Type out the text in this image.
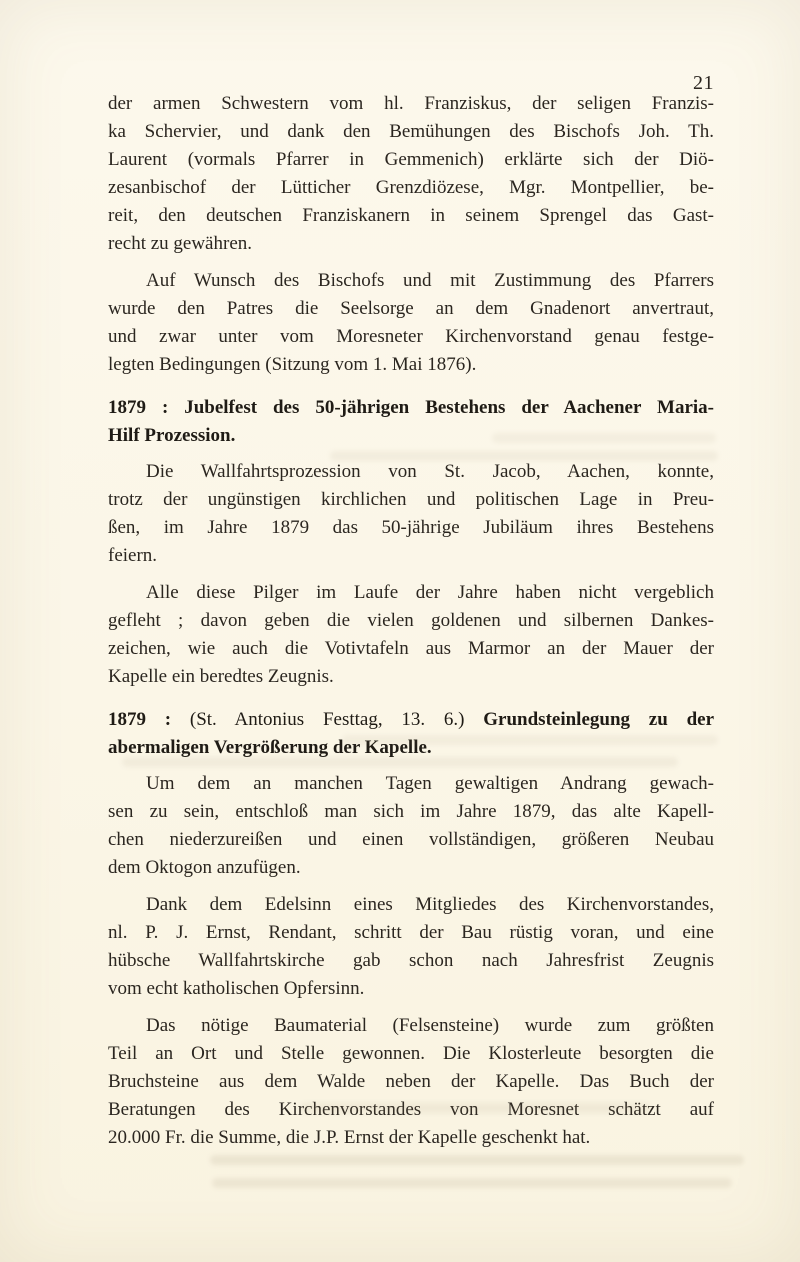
21
der armen Schwestern vom hl. Franziskus, der seligen Franzis-
ka Schervier, und dank den Bemühungen des Bischofs Joh. Th.
Laurent (vormals Pfarrer in Gemmenich) erklärte sich der Diö-
zesanbischof der Lütticher Grenzdiözese, Mgr. Montpellier, be-
reit, den deutschen Franziskanern in seinem Sprengel das Gast-
recht zu gewähren.
Auf Wunsch des Bischofs und mit Zustimmung des Pfarrers
wurde den Patres die Seelsorge an dem Gnadenort anvertraut,
und zwar unter vom Moresneter Kirchenvorstand genau festge-
legten Bedingungen (Sitzung vom 1. Mai 1876).
1879 : Jubelfest des 50-jährigen Bestehens der Aachener Maria-
Hilf Prozession.
Die Wallfahrtsprozession von St. Jacob, Aachen, konnte,
trotz der ungünstigen kirchlichen und politischen Lage in Preu-
ßen, im Jahre 1879 das 50-jährige Jubiläum ihres Bestehens
feiern.
Alle diese Pilger im Laufe der Jahre haben nicht vergeblich
gefleht ; davon geben die vielen goldenen und silbernen Dankes-
zeichen, wie auch die Votivtafeln aus Marmor an der Mauer der
Kapelle ein beredtes Zeugnis.
1879 : (St. Antonius Festtag, 13. 6.) Grundsteinlegung zu der
abermaligen Vergrößerung der Kapelle.
Um dem an manchen Tagen gewaltigen Andrang gewach-
sen zu sein, entschloß man sich im Jahre 1879, das alte Kapell-
chen niederzureißen und einen vollständigen, größeren Neubau
dem Oktogon anzufügen.
Dank dem Edelsinn eines Mitgliedes des Kirchenvorstandes,
nl. P. J. Ernst, Rendant, schritt der Bau rüstig voran, und eine
hübsche Wallfahrtskirche gab schon nach Jahresfrist Zeugnis
vom echt katholischen Opfersinn.
Das nötige Baumaterial (Felsensteine) wurde zum größten
Teil an Ort und Stelle gewonnen. Die Klosterleute besorgten die
Bruchsteine aus dem Walde neben der Kapelle. Das Buch der
Beratungen des Kirchenvorstandes von Moresnet schätzt auf
20.000 Fr. die Summe, die J.P. Ernst der Kapelle geschenkt hat.
